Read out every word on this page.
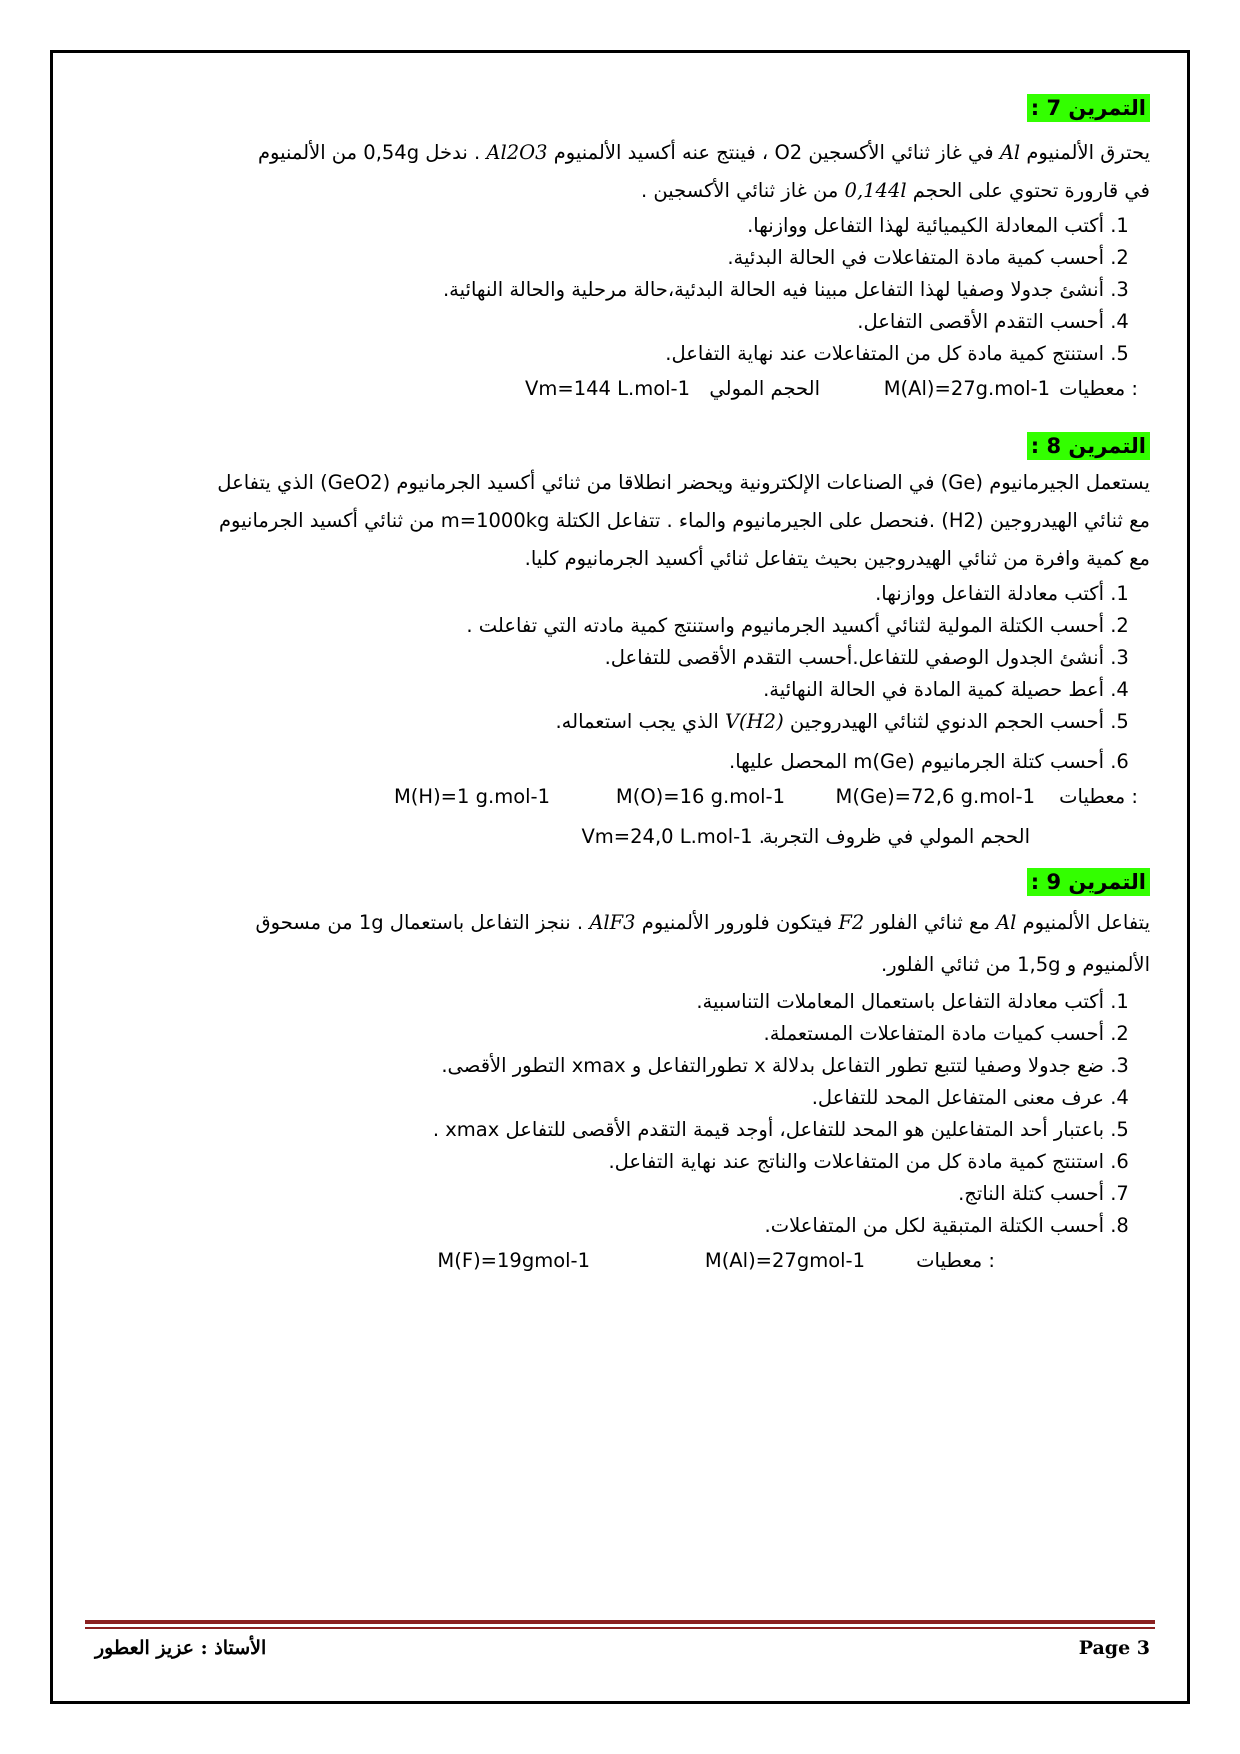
التمرين 7 :

يحترق الألمنيوم Al في غاز ثنائي الأكسجين O2 ، فينتج عنه أكسيد الألمنيوم Al2O3 . ندخل 0,54g من الألمنيوم
في قارورة تحتوي على الحجم 0,144l من غاز ثنائي الأكسجين .

1. أكتب المعادلة الكيميائية لهذا التفاعل ووازنها.
2. أحسب كمية مادة المتفاعلات في الحالة البدئية.
3. أنشئ جدولا وصفيا لهذا التفاعل مبينا فيه الحالة البدئية،حالة مرحلية والحالة النهائية.
4. أحسب التقدم الأقصى التفاعل.
5. استنتج كمية مادة كل من المتفاعلات عند نهاية التفاعل.
معطيات :
M(Al)=27g.mol-1
الحجم المولي
Vm=144 L.mol-1
التمرين 8 :

يستعمل الجيرمانيوم (Ge) في الصناعات الإلكترونية ويحضر انطلاقا من ثنائي أكسيد الجرمانيوم (GeO2) الذي يتفاعل
مع ثنائي الهيدروجين (H2) .فنحصل على الجيرمانيوم والماء . تتفاعل الكتلة m=1000kg من ثنائي أكسيد الجرمانيوم
مع كمية وافرة من ثنائي الهيدروجين بحيث يتفاعل ثنائي أكسيد الجرمانيوم كليا.

1. أكتب معادلة التفاعل ووازنها.
2. أحسب الكتلة المولية لثنائي أكسيد الجرمانيوم واستنتج كمية مادته التي تفاعلت .
3. أنشئ الجدول الوصفي للتفاعل.أحسب التقدم الأقصى للتفاعل.
4. أعط حصيلة كمية المادة في الحالة النهائية.
5. أحسب الحجم الدنوي لثنائي الهيدروجين V(H2) الذي يجب استعماله.
6. أحسب كتلة الجرمانيوم m(Ge) المحصل عليها.
معطيات :
M(Ge)=72,6 g.mol-1
M(O)=16 g.mol-1
M(H)=1 g.mol-1
الحجم المولي في ظروف التجربة
Vm=24,0 L.mol-1 .
التمرين 9 :

يتفاعل الألمنيوم Al مع ثنائي الفلور F2 فيتكون فلورور الألمنيوم AlF3 . ننجز التفاعل باستعمال 1g من مسحوق
الألمنيوم و 1,5g من ثنائي الفلور.

1. أكتب معادلة التفاعل باستعمال المعاملات التناسبية.
2. أحسب كميات مادة المتفاعلات المستعملة.
3. ضع جدولا وصفيا لتتبع تطور التفاعل بدلالة x تطورالتفاعل و xmax التطور الأقصى.
4. عرف معنى المتفاعل المحد للتفاعل.
5. باعتبار أحد المتفاعلين هو المحد للتفاعل، أوجد قيمة التقدم الأقصى للتفاعل xmax .
6. استنتج كمية مادة كل من المتفاعلات والناتج عند نهاية التفاعل.
7. أحسب كتلة الناتج.
8. أحسب الكتلة المتبقية لكل من المتفاعلات.
معطيات :
M(Al)=27gmol-1
M(F)=19gmol-1
الأستاذ : عزيز العطور	Page 3
